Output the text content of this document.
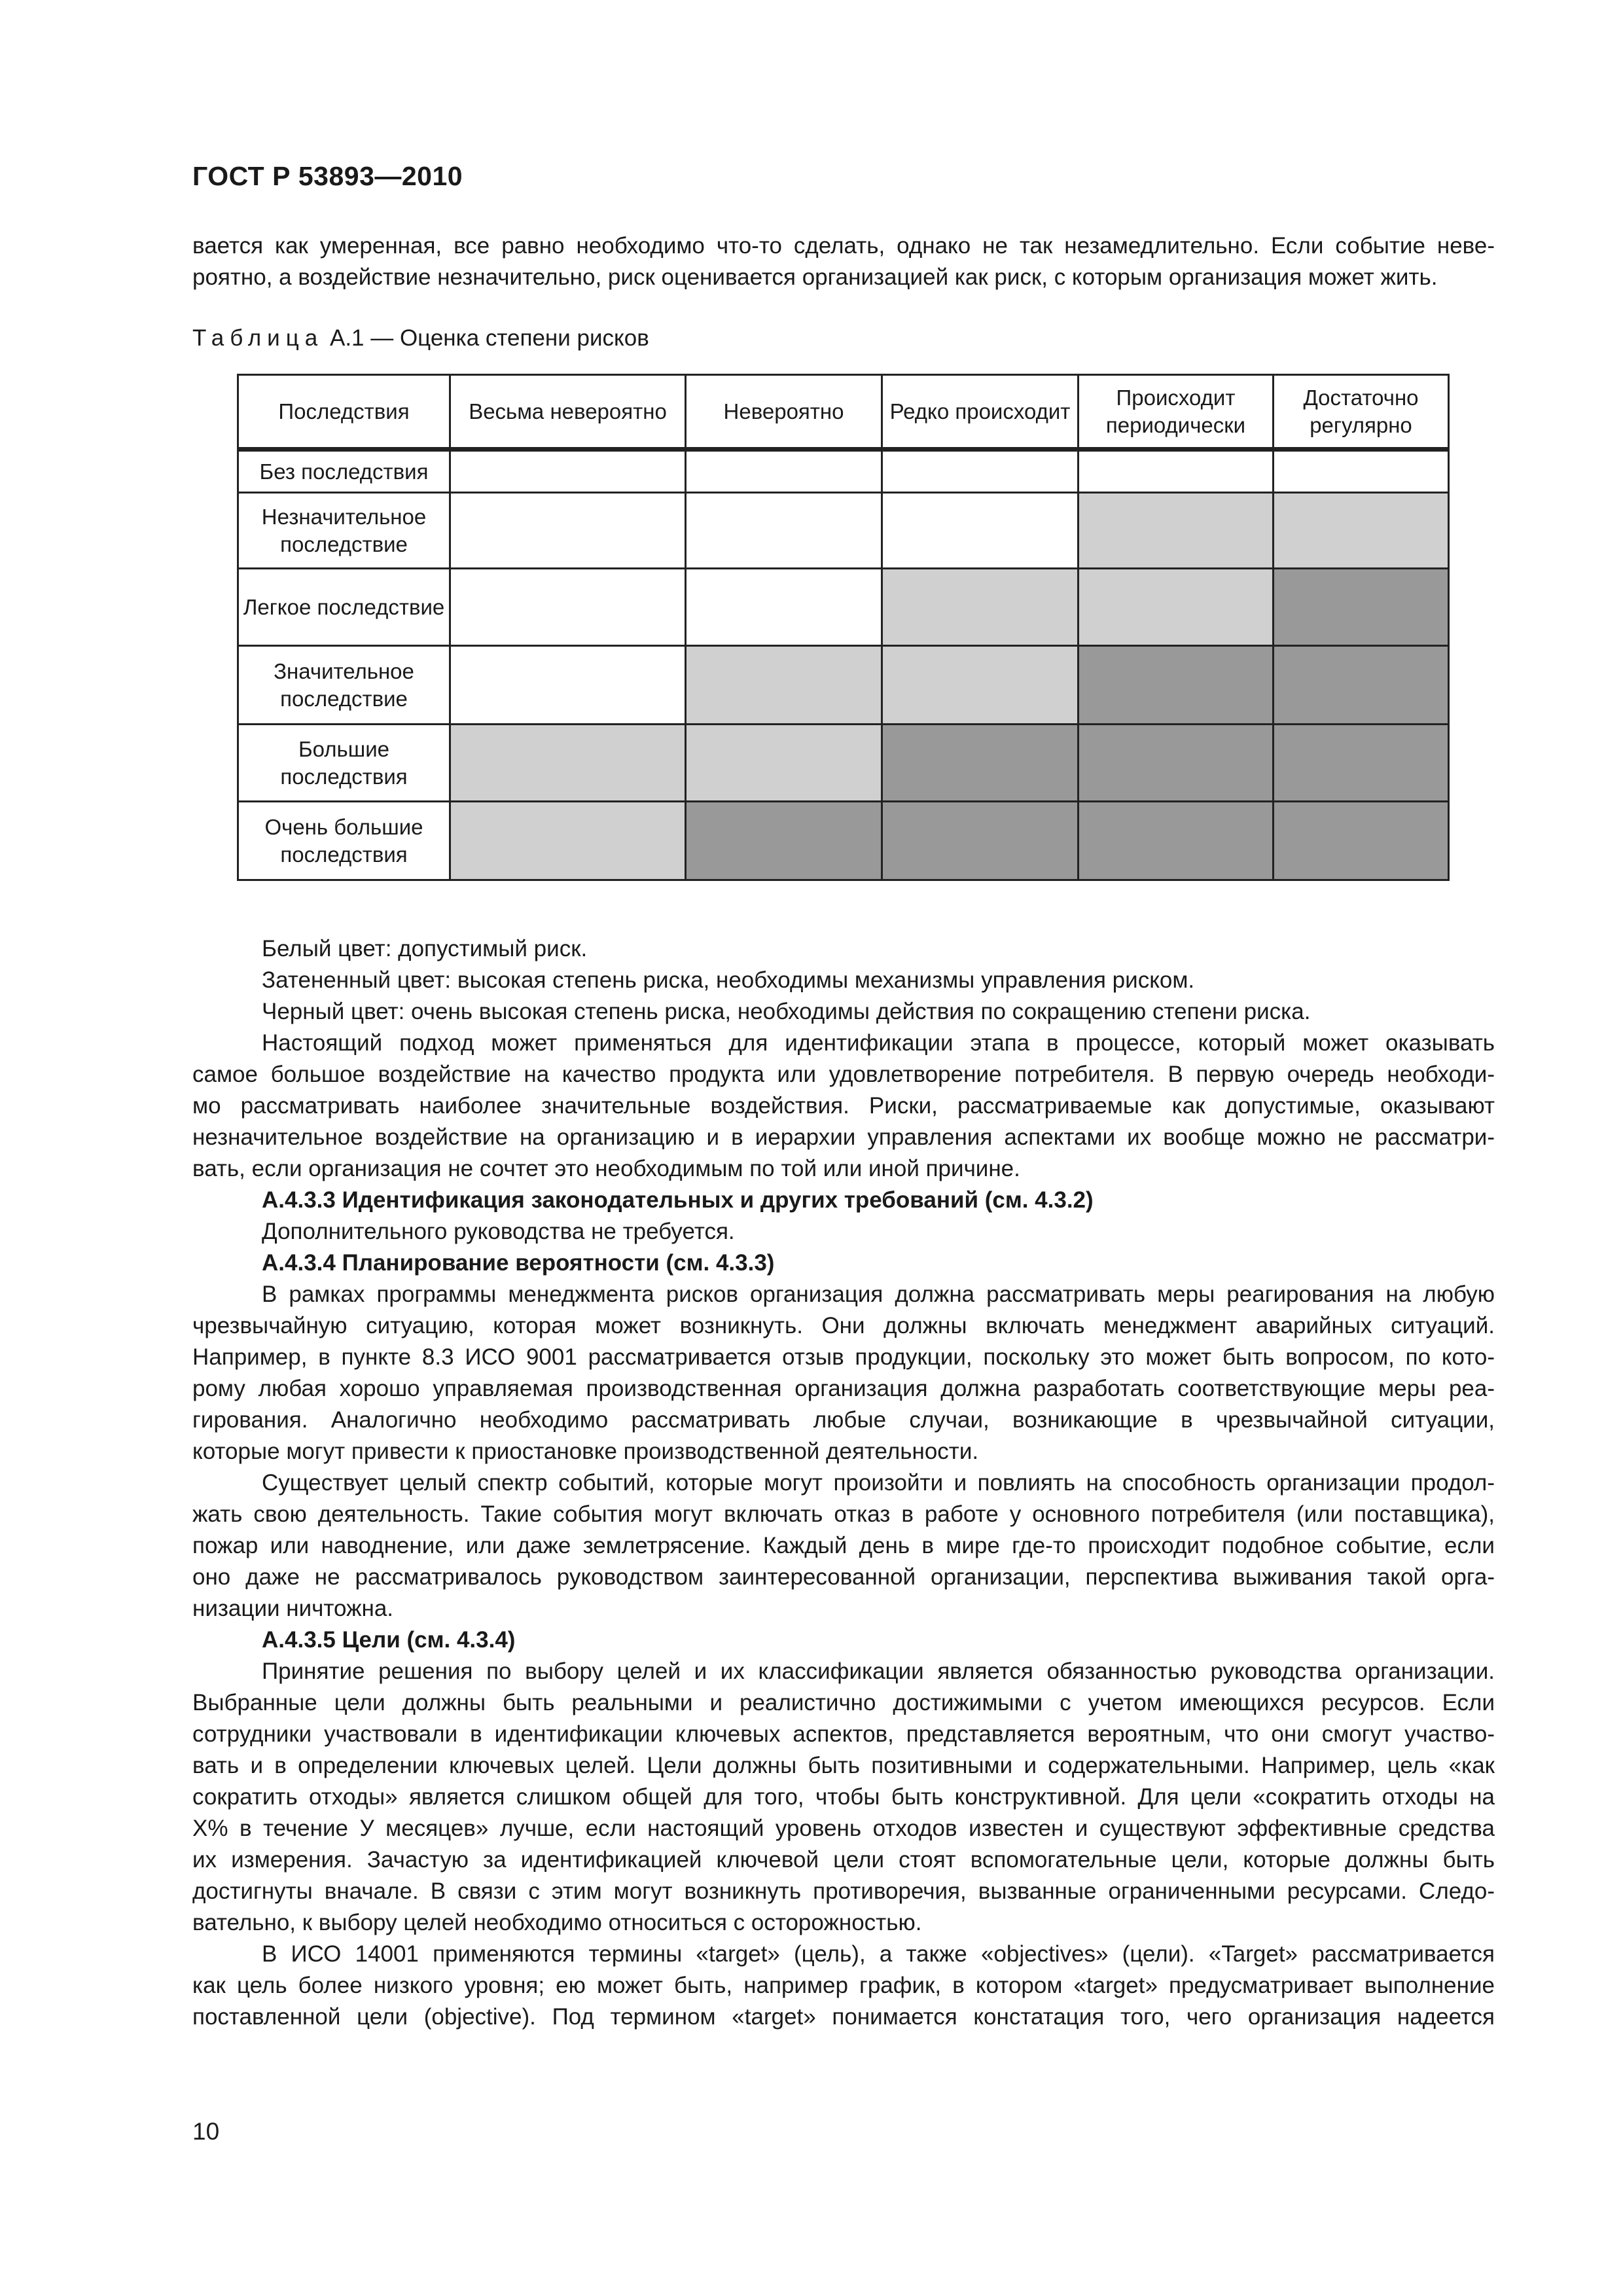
ГОСТ Р 53893—2010

вается как умеренная, все равно необходимо что-то сделать, однако не так незамедлительно. Если событие неве-

роятно, а воздействие незначительно, риск оценивается организацией как риск, с которым организация может жить.

Таблица А.1 — Оценка степени рисков
Последствия	Весьма невероятно	Невероятно	Редко происходит	Происходит периодически	Достаточно регулярно
Без последствия					
Незначительное последствие					
Легкое последствие					
Значительное последствие					
Большие последствия					
Очень большие последствия					

Белый цвет: допустимый риск.

Затененный цвет: высокая степень риска, необходимы механизмы управления риском.

Черный цвет: очень высокая степень риска, необходимы действия по сокращению степени риска.

Настоящий подход может применяться для идентификации этапа в процессе, который может оказывать

самое большое воздействие на качество продукта или удовлетворение потребителя. В первую очередь необходи-

мо рассматривать наиболее значительные воздействия. Риски, рассматриваемые как допустимые, оказывают

незначительное воздействие на организацию и в иерархии управления аспектами их вообще можно не рассматри-

вать, если организация не сочтет это необходимым по той или иной причине.

А.4.3.3 Идентификация законодательных и других требований (см. 4.3.2)

Дополнительного руководства не требуется.

А.4.3.4 Планирование вероятности (см. 4.3.3)

В рамках программы менеджмента рисков организация должна рассматривать меры реагирования на любую

чрезвычайную ситуацию, которая может возникнуть. Они должны включать менеджмент аварийных ситуаций.

Например, в пункте 8.3 ИСО 9001 рассматривается отзыв продукции, поскольку это может быть вопросом, по кото-

рому любая хорошо управляемая производственная организация должна разработать соответствующие меры реа-

гирования. Аналогично необходимо рассматривать любые случаи, возникающие в чрезвычайной ситуации,

которые могут привести к приостановке производственной деятельности.

Существует целый спектр событий, которые могут произойти и повлиять на способность организации продол-

жать свою деятельность. Такие события могут включать отказ в работе у основного потребителя (или поставщика),

пожар или наводнение, или даже землетрясение. Каждый день в мире где-то происходит подобное событие, если

оно даже не рассматривалось руководством заинтересованной организации, перспектива выживания такой орга-

низации ничтожна.

А.4.3.5 Цели (см. 4.3.4)

Принятие решения по выбору целей и их классификации является обязанностью руководства организации.

Выбранные цели должны быть реальными и реалистично достижимыми с учетом имеющихся ресурсов. Если

сотрудники участвовали в идентификации ключевых аспектов, представляется вероятным, что они смогут участво-

вать и в определении ключевых целей. Цели должны быть позитивными и содержательными. Например, цель «как

сократить отходы» является слишком общей для того, чтобы быть конструктивной. Для цели «сократить отходы на

Х% в течение У месяцев» лучше, если настоящий уровень отходов известен и существуют эффективные средства

их измерения. Зачастую за идентификацией ключевой цели стоят вспомогательные цели, которые должны быть

достигнуты вначале. В связи с этим могут возникнуть противоречия, вызванные ограниченными ресурсами. Следо-

вательно, к выбору целей необходимо относиться с осторожностью.

В ИСО 14001 применяются термины «target» (цель), а также «objectives» (цели). «Target» рассматривается

как цель более низкого уровня; ею может быть, например график, в котором «target» предусматривает выполнение

поставленной цели (objective). Под термином «target» понимается констатация того, чего организация надеется

10
